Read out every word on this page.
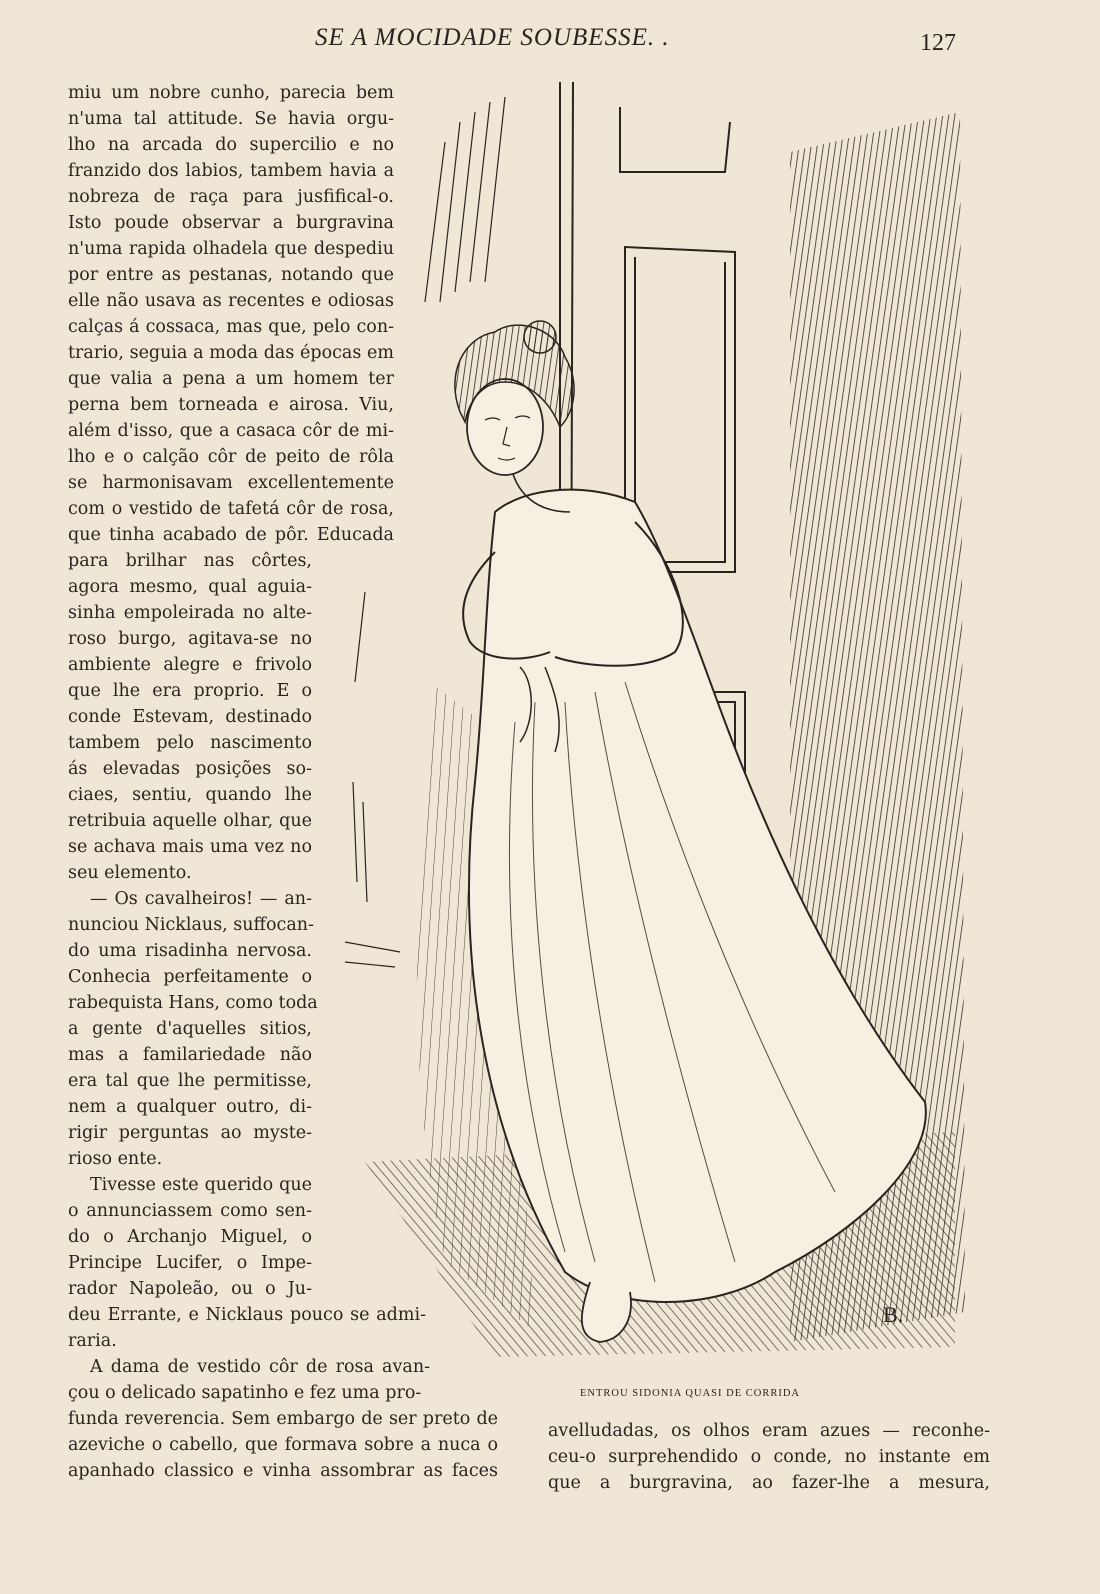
SE A MOCIDADE SOUBESSE. .	127
miu um nobre cunho, parecia bem
n'uma tal attitude. Se havia orgu-
lho na arcada do supercilio e no
franzido dos labios, tambem havia a
nobreza de raça para jusfifical-o.
Isto poude observar a burgravina
n'uma rapida olhadela que despediu
por entre as pestanas, notando que
elle não usava as recentes e odiosas
calças á cossaca, mas que, pelo con-
trario, seguia a moda das épocas em
que valia a pena a um homem ter
perna bem torneada e airosa. Viu,
além d'isso, que a casaca côr de mi-
lho e o calção côr de peito de rôla
se harmonisavam excellentemente
com o vestido de tafetá côr de rosa,
que tinha acabado de pôr. Educada
para brilhar nas côrtes,
agora mesmo, qual aguia-
sinha empoleirada no alte-
roso burgo, agitava-se no
ambiente alegre e frivolo
que lhe era proprio. E o
conde Estevam, destinado
tambem pelo nascimento
ás elevadas posições so-
ciaes, sentiu, quando lhe
retribuia aquelle olhar, que
se achava mais uma vez no
seu elemento.
— Os cavalheiros! — an-
nunciou Nicklaus, suffocan-
do uma risadinha nervosa.
Conhecia perfeitamente o
rabequista Hans, como toda
a gente d'aquelles sitios,
mas a familariedade não
era tal que lhe permitisse,
nem a qualquer outro, di-
rigir perguntas ao myste-
rioso ente.
Tivesse este querido que
o annunciassem como sen-
do o Archanjo Miguel, o
Principe Lucifer, o Impe-
rador Napoleão, ou o Ju-
deu Errante, e Nicklaus pouco se admi-
raria.
A dama de vestido côr de rosa avan-
çou o delicado sapatinho e fez uma pro-
funda reverencia. Sem embargo de ser preto de
azeviche o cabello, que formava sobre a nuca o
apanhado classico e vinha assombrar as faces
avelludadas, os olhos eram azues — reconhe-
ceu-o surprehendido o conde, no instante em
que a burgravina, ao fazer-lhe a mesura,
B.
ENTROU SIDONIA QUASI DE CORRIDA
